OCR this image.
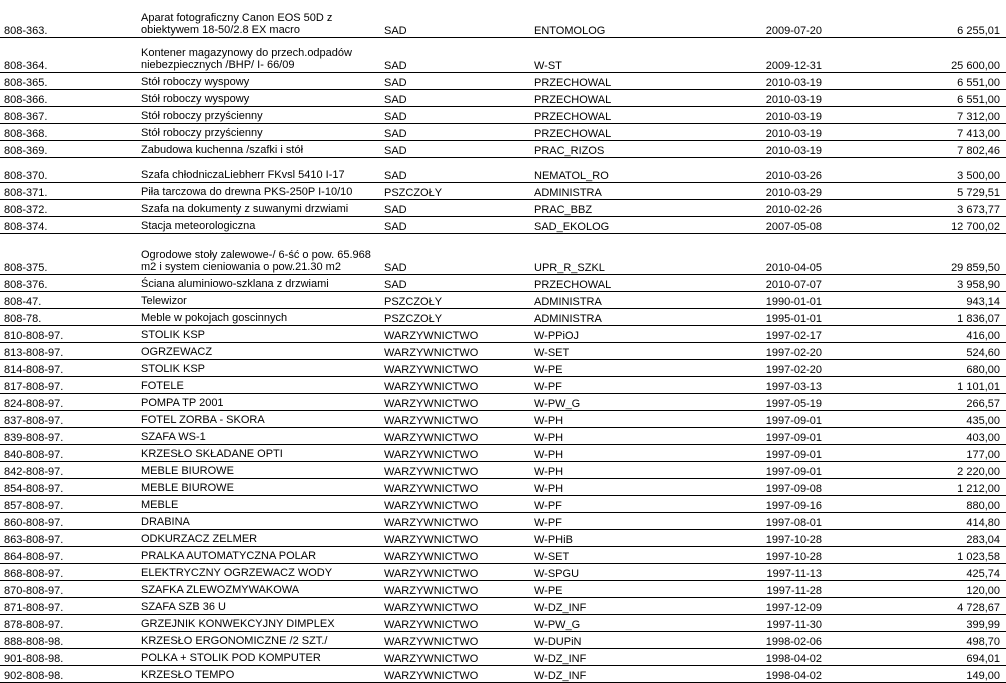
808-363.	Aparat fotograficzny Canon EOS 50D z obiektywem 18-50/2.8 EX macro	SAD	ENTOMOLOG	2009-07-20	6 255,01
808-364.	Kontener magazynowy do przech.odpadów niebezpiecznych /BHP/ I- 66/09	SAD	W-ST	2009-12-31	25 600,00
808-365.	Stół roboczy wyspowy	SAD	PRZECHOWAL	2010-03-19	6 551,00
808-366.	Stół roboczy wyspowy	SAD	PRZECHOWAL	2010-03-19	6 551,00
808-367.	Stół roboczy przyścienny	SAD	PRZECHOWAL	2010-03-19	7 312,00
808-368.	Stół roboczy przyścienny	SAD	PRZECHOWAL	2010-03-19	7 413,00
808-369.	Zabudowa kuchenna /szafki i stół	SAD	PRAC_RIZOS	2010-03-19	7 802,46
808-370.	Szafa chłodniczaLiebherr FKvsl 5410 I-17	SAD	NEMATOL_RO	2010-03-26	3 500,00
808-371.	Piła tarczowa do drewna PKS-250P I-10/10	PSZCZOŁY	ADMINISTRA	2010-03-29	5 729,51
808-372.	Szafa na dokumenty z suwanymi drzwiami	SAD	PRAC_BBZ	2010-02-26	3 673,77
808-374.	Stacja meteorologiczna	SAD	SAD_EKOLOG	2007-05-08	12 700,02
808-375.	Ogrodowe stoły zalewowe-/ 6-ść o pow. 65.968 m2 i system cieniowania o pow.21.30 m2	SAD	UPR_R_SZKL	2010-04-05	29 859,50
808-376.	Ściana aluminiowo-szklana z drzwiami	SAD	PRZECHOWAL	2010-07-07	3 958,90
808-47.	Telewizor	PSZCZOŁY	ADMINISTRA	1990-01-01	943,14
808-78.	Meble w pokojach goscinnych	PSZCZOŁY	ADMINISTRA	1995-01-01	1 836,07
810-808-97.	STOLIK KSP	WARZYWNICTWO	W-PPiOJ	1997-02-17	416,00
813-808-97.	OGRZEWACZ	WARZYWNICTWO	W-SET	1997-02-20	524,60
814-808-97.	STOLIK KSP	WARZYWNICTWO	W-PE	1997-02-20	680,00
817-808-97.	FOTELE	WARZYWNICTWO	W-PF	1997-03-13	1 101,01
824-808-97.	POMPA TP 2001	WARZYWNICTWO	W-PW_G	1997-05-19	266,57
837-808-97.	FOTEL ZORBA - SKORA	WARZYWNICTWO	W-PH	1997-09-01	435,00
839-808-97.	SZAFA WS-1	WARZYWNICTWO	W-PH	1997-09-01	403,00
840-808-97.	KRZESŁO SKŁADANE OPTI	WARZYWNICTWO	W-PH	1997-09-01	177,00
842-808-97.	MEBLE BIUROWE	WARZYWNICTWO	W-PH	1997-09-01	2 220,00
854-808-97.	MEBLE BIUROWE	WARZYWNICTWO	W-PH	1997-09-08	1 212,00
857-808-97.	MEBLE	WARZYWNICTWO	W-PF	1997-09-16	880,00
860-808-97.	DRABINA	WARZYWNICTWO	W-PF	1997-08-01	414,80
863-808-97.	ODKURZACZ ZELMER	WARZYWNICTWO	W-PHiB	1997-10-28	283,04
864-808-97.	PRALKA AUTOMATYCZNA POLAR	WARZYWNICTWO	W-SET	1997-10-28	1 023,58
868-808-97.	ELEKTRYCZNY OGRZEWACZ WODY	WARZYWNICTWO	W-SPGU	1997-11-13	425,74
870-808-97.	SZAFKA ZLEWOZMYWAKOWA	WARZYWNICTWO	W-PE	1997-11-28	120,00
871-808-97.	SZAFA SZB 36 U	WARZYWNICTWO	W-DZ_INF	1997-12-09	4 728,67
878-808-97.	GRZEJNIK KONWEKCYJNY DIMPLEX	WARZYWNICTWO	W-PW_G	1997-11-30	399,99
888-808-98.	KRZESŁO ERGONOMICZNE /2 SZT./	WARZYWNICTWO	W-DUPiN	1998-02-06	498,70
901-808-98.	POLKA + STOLIK POD KOMPUTER	WARZYWNICTWO	W-DZ_INF	1998-04-02	694,01
902-808-98.	KRZESŁO TEMPO	WARZYWNICTWO	W-DZ_INF	1998-04-02	149,00
